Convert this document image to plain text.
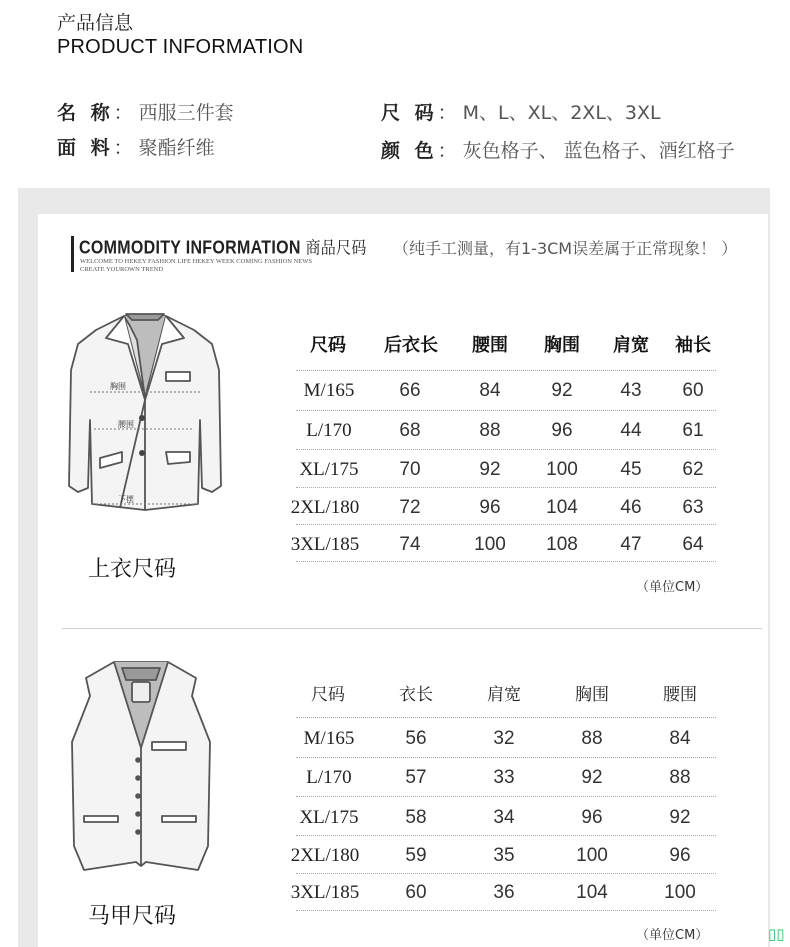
产品信息
PRODUCT INFORMATION
名 称： 西服三件套
面 料： 聚酯纤维
尺 码： M、L、XL、2XL、3XL
颜 色： 灰色格子、 蓝色格子、酒红格子
COMMODITY INFORMATION 商品尺码 （纯手工测量，有1-3CM误差属于正常现象！ ）
WELCOME TO HEKEY FASHION LIFE HEKEY WEEK COMING FASHION NEWS
CREATE YOUROWN TREND
胸围
腰围
下摆
上衣尺码
尺码	后衣长	腰围	胸围	肩宽	袖长
M/165	66	84	92	43	60
L/170	68	88	96	44	61
XL/175	70	92	100	45	62
2XL/180	72	96	104	46	63
3XL/185	74	100	108	47	64
（单位CM）
马甲尺码
尺码	衣长	肩宽	胸围	腰围
M/165	56	32	88	84
L/170	57	33	92	88
XL/175	58	34	96	92
2XL/180	59	35	100	96
3XL/185	60	36	104	100
（单位CM）	▯▯
